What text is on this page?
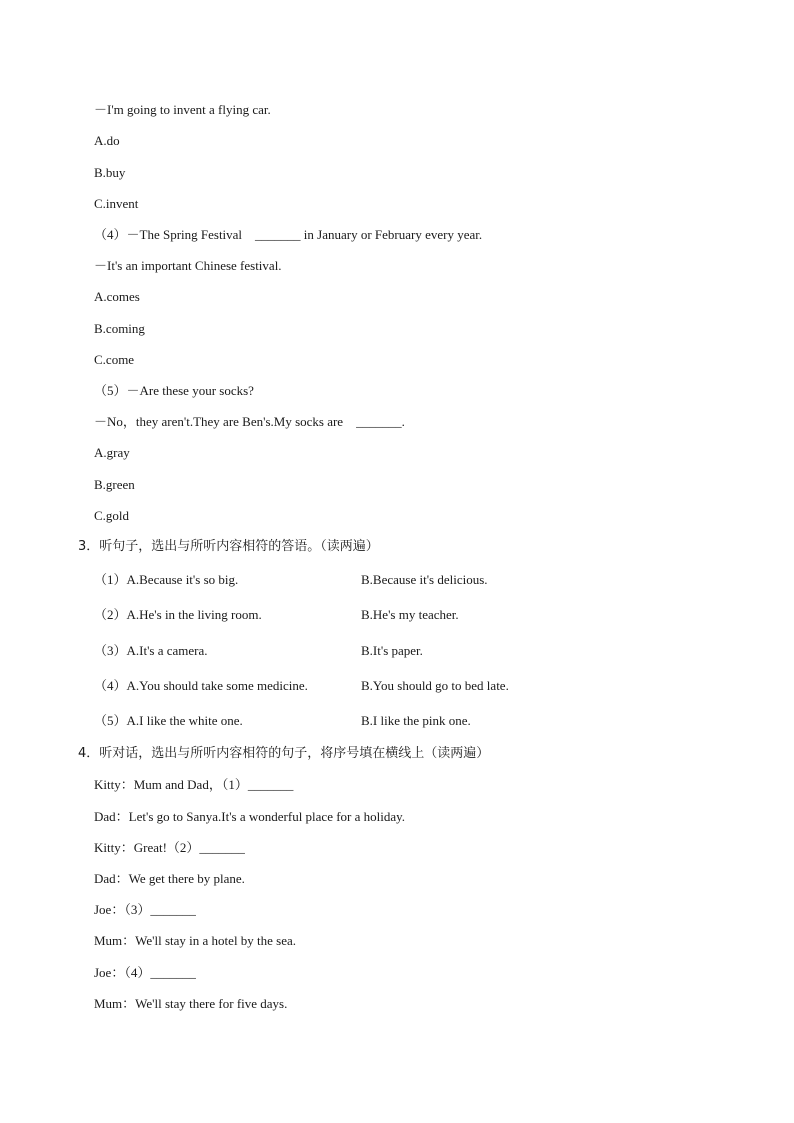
－I'm going to invent a flying car.
A.do
B.buy
C.invent
（4）－The Spring Festival　_______ in January or February every year.
－It's an important Chinese festival.
A.comes
B.coming
C.come
（5）－Are these your socks?
－No，they aren't.They are Ben's.My socks are　_______.
A.gray
B.green
C.gold
3．听句子，选出与所听内容相符的答语。（读两遍）
（1）A.Because it's so big.	B.Because it's delicious.
（2）A.He's in the living room.	B.He's my teacher.
（3）A.It's a camera.	B.It's paper.
（4）A.You should take some medicine.	B.You should go to bed late.
（5）A.I like the white one.	B.I like the pink one.
4．听对话，选出与所听内容相符的句子，将序号填在横线上（读两遍）
Kitty：Mum and Dad，（1）_______
Dad：Let's go to Sanya.It's a wonderful place for a holiday.
Kitty：Great!（2）_______
Dad：We get there by plane.
Joe：（3）_______
Mum：We'll stay in a hotel by the sea.
Joe：（4）_______
Mum：We'll stay there for five days.
